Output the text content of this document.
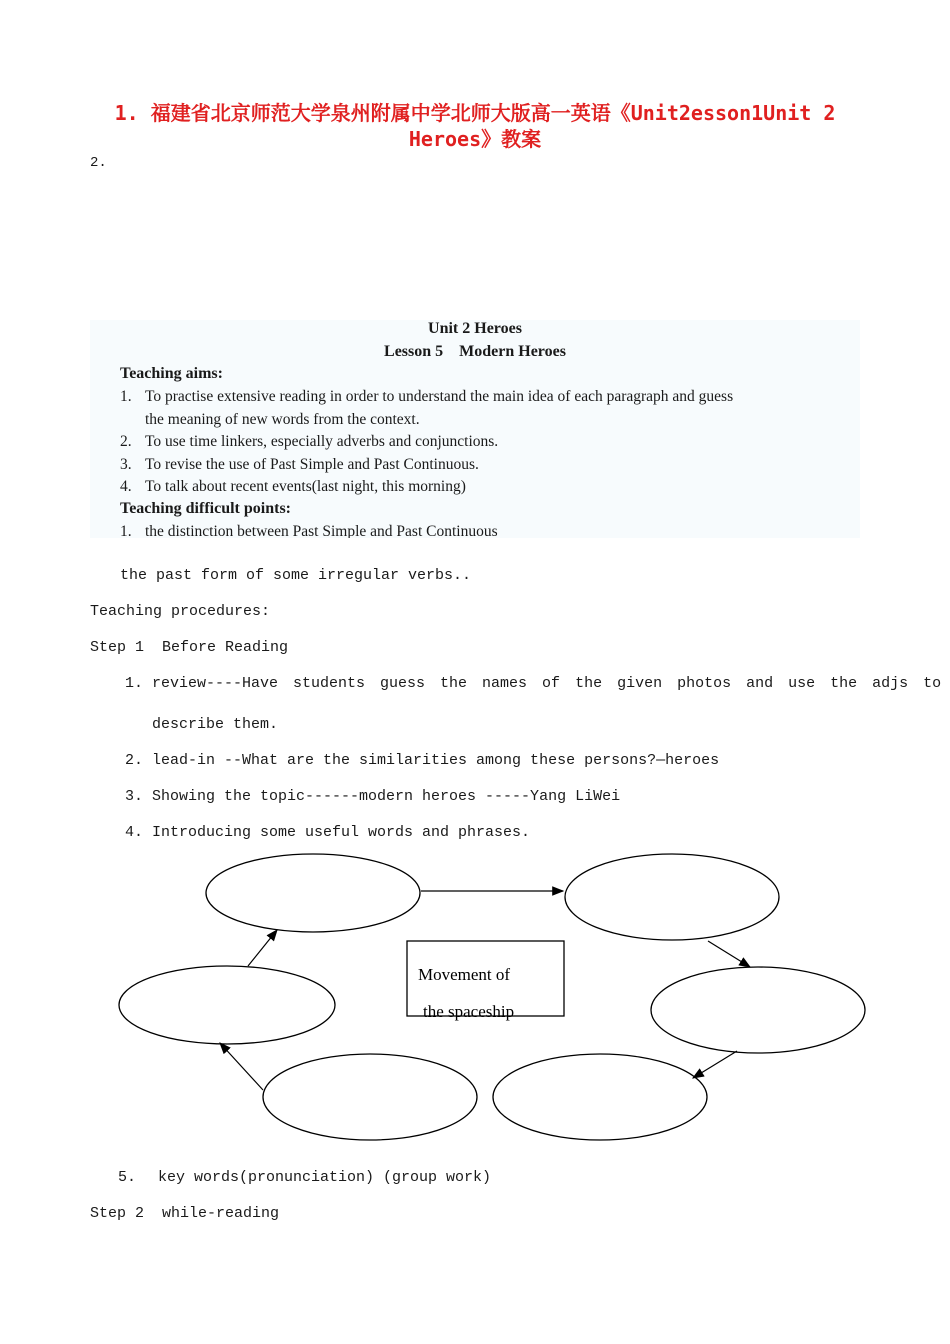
1. 福建省北京师范大学泉州附属中学北师大版高一英语《Unit2esson1Unit 2
Heroes》教案
2.
Unit 2 Heroes
Lesson 5    Modern Heroes
Teaching aims:
1. To practise extensive reading in order to understand the main idea of each paragraph and guess
the meaning of new words from the context.
2. To use time linkers, especially adverbs and conjunctions.
3. To revise the use of Past Simple and Past Continuous.
4. To talk about recent events(last night, this morning)
Teaching difficult points:
1. the distinction between Past Simple and Past Continuous
the past form of some irregular verbs..
Teaching procedures:
Step 1  Before Reading
1. review----Have students guess the names of the given photos and use the adjs to
describe them.
2. lead-in --What are the similarities among these persons?—heroes
3. Showing the topic------modern heroes -----Yang LiWei
4. Introducing some useful words and phrases.
Movement of
the spaceship
5. key words(pronunciation) (group work)
Step 2  while-reading
